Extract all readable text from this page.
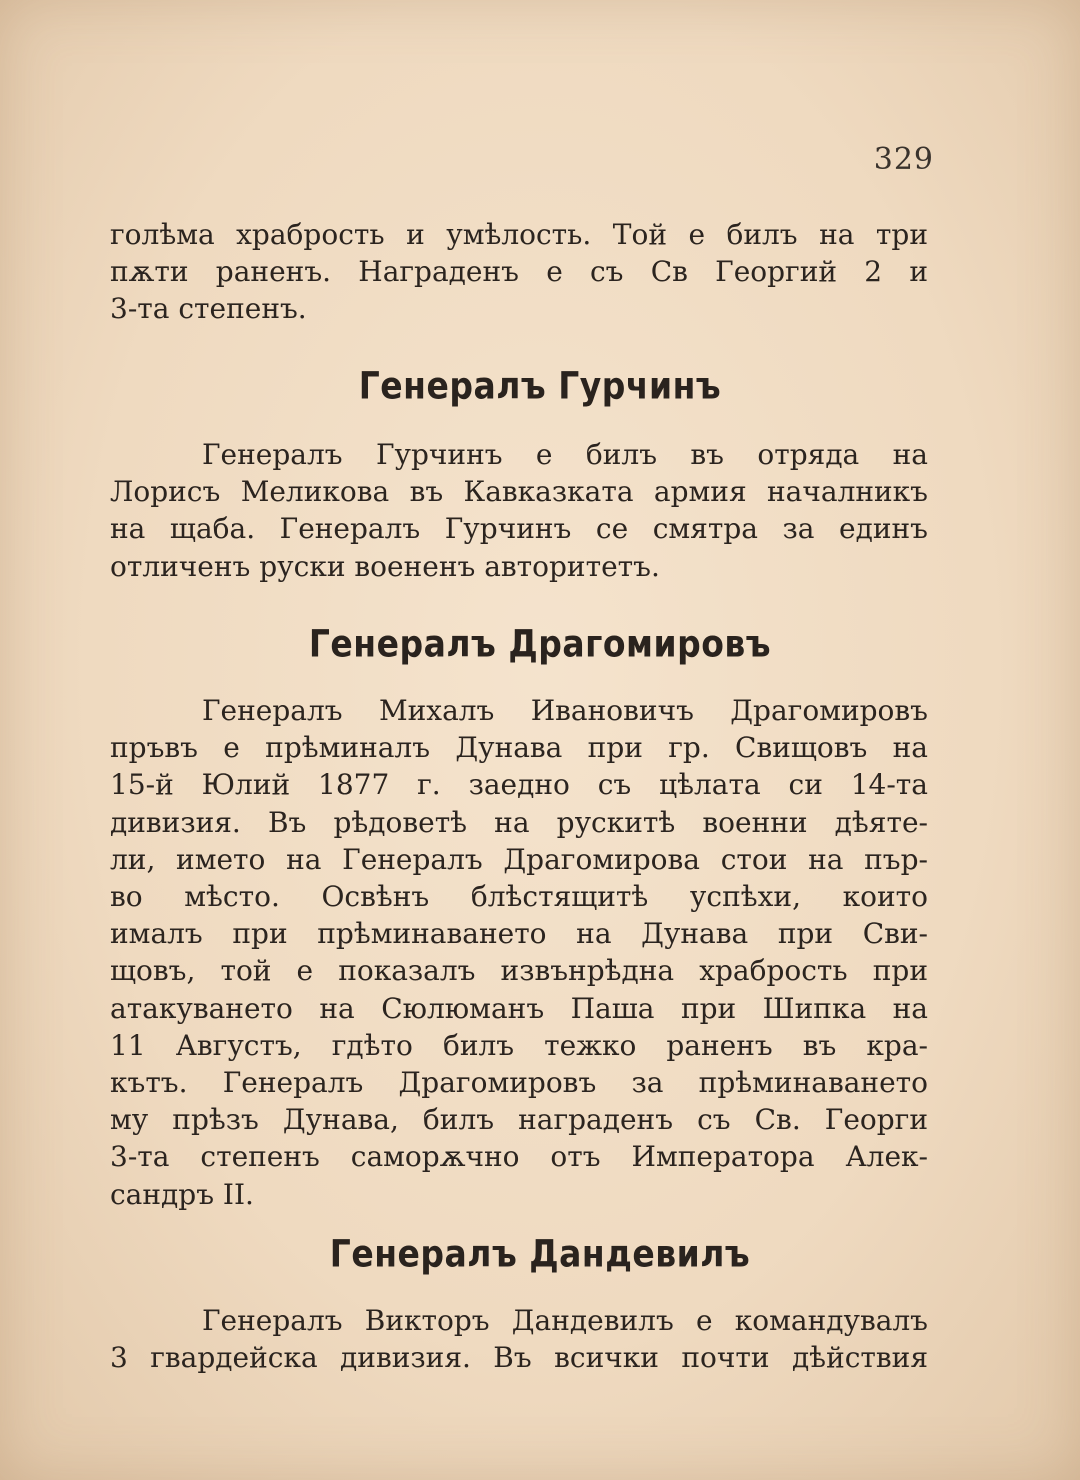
329
голѣма храбрость и умѣлость. Той е билъ на три
пѫти раненъ. Награденъ е съ Св Георгий 2 и
3-та степенъ.
Генералъ Гурчинъ
Генералъ Гурчинъ е билъ въ отряда на
Лорисъ Меликова въ Кавказката армия началникъ
на щаба. Генералъ Гурчинъ се смятра за единъ
отличенъ руски воененъ авторитетъ.
Генералъ Драгомировъ
Генералъ Михалъ Ивановичъ Драгомировъ
пръвъ е прѣминалъ Дунава при гр. Свищовъ на
15-й Юлий 1877 г. заедно съ цѣлата си 14-та
дивизия. Въ рѣдоветѣ на рускитѣ военни дѣяте-
ли, името на Генералъ Драгомирова стои на пър-
во мѣсто. Освѣнъ блѣстящитѣ успѣхи, които
ималъ при прѣминаването на Дунава при Сви-
щовъ, той е показалъ извънрѣдна храбрость при
атакуването на Сюлюманъ Паша при Шипка на
11 Августъ, гдѣто билъ тежко раненъ въ кра-
кътъ. Генералъ Драгомировъ за прѣминаването
му прѣзъ Дунава, билъ награденъ съ Св. Георги
3-та степенъ саморѫчно отъ Императора Алек-
сандръ II.
Генералъ Дандевилъ
Генералъ Викторъ Дандевилъ е командувалъ
3 гвардейска дивизия. Въ всички почти дѣйствия
